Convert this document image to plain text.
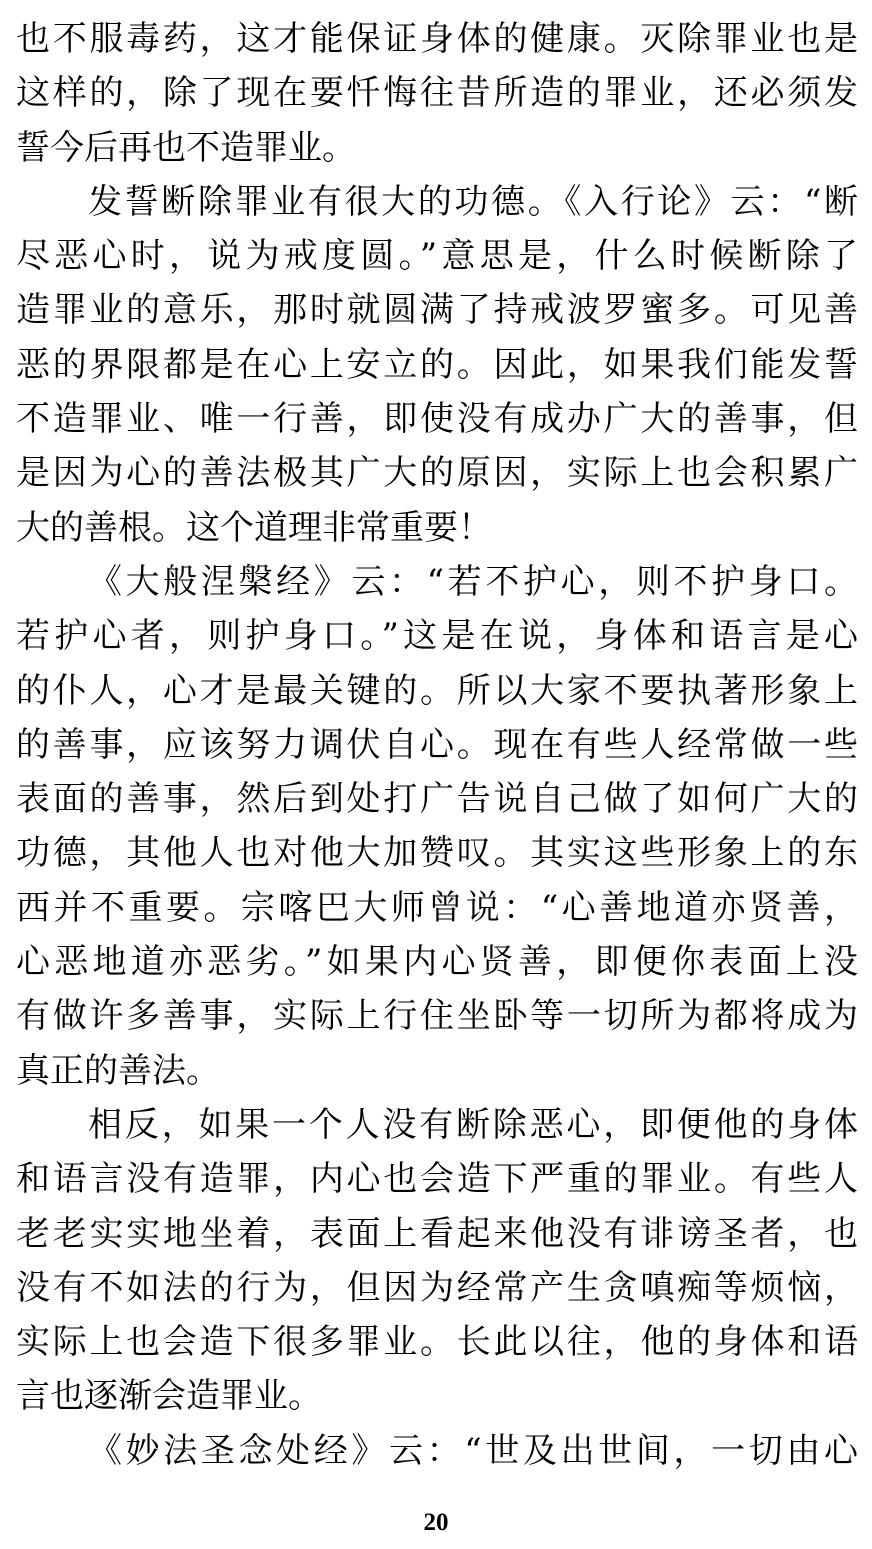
也不服毒药，这才能保证身体的健康。灭除罪业也是
这样的，除了现在要忏悔往昔所造的罪业，还必须发
誓今后再也不造罪业。
发誓断除罪业有很大的功德。《入行论》云：“断
尽恶心时，说为戒度圆。”意思是，什么时候断除了
造罪业的意乐，那时就圆满了持戒波罗蜜多。可见善
恶的界限都是在心上安立的。因此，如果我们能发誓
不造罪业、唯一行善，即使没有成办广大的善事，但
是因为心的善法极其广大的原因，实际上也会积累广
大的善根。这个道理非常重要！
《大般涅槃经》云：“若不护心，则不护身口。
若护心者，则护身口。”这是在说，身体和语言是心
的仆人，心才是最关键的。所以大家不要执著形象上
的善事，应该努力调伏自心。现在有些人经常做一些
表面的善事，然后到处打广告说自己做了如何广大的
功德，其他人也对他大加赞叹。其实这些形象上的东
西并不重要。宗喀巴大师曾说：“心善地道亦贤善，
心恶地道亦恶劣。”如果内心贤善，即便你表面上没
有做许多善事，实际上行住坐卧等一切所为都将成为
真正的善法。
相反，如果一个人没有断除恶心，即便他的身体
和语言没有造罪，内心也会造下严重的罪业。有些人
老老实实地坐着，表面上看起来他没有诽谤圣者，也
没有不如法的行为，但因为经常产生贪嗔痴等烦恼，
实际上也会造下很多罪业。长此以往，他的身体和语
言也逐渐会造罪业。
《妙法圣念处经》云：“世及出世间，一切由心
20
